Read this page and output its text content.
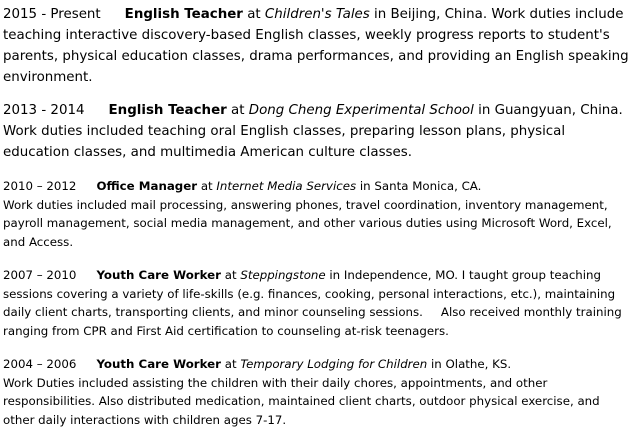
2015 - Present English Teacher at Children's Tales in Beijing, China. Work duties include teaching interactive discovery-based English classes, weekly progress reports to student's parents, physical education classes, drama performances, and providing an English speaking environment.
2013 - 2014 English Teacher at Dong Cheng Experimental School in Guangyuan, China. Work duties included teaching oral English classes, preparing lesson plans, physical education classes, and multimedia American culture classes.
2010 – 2012 Office Manager at Internet Media Services in Santa Monica, CA.
Work duties included mail processing, answering phones, travel coordination, inventory management, payroll management, social media management, and other various duties using Microsoft Word, Excel, and Access.
2007 – 2010 Youth Care Worker at Steppingstone in Independence, MO. I taught group teaching sessions covering a variety of life-skills (e.g. finances, cooking, personal interactions, etc.), maintaining daily client charts, transporting clients, and minor counseling sessions. Also received monthly training ranging from CPR and First Aid certification to counseling at-risk teenagers.
2004 – 2006 Youth Care Worker at Temporary Lodging for Children in Olathe, KS.
Work Duties included assisting the children with their daily chores, appointments, and other responsibilities. Also distributed medication, maintained client charts, outdoor physical exercise, and other daily interactions with children ages 7-17.
